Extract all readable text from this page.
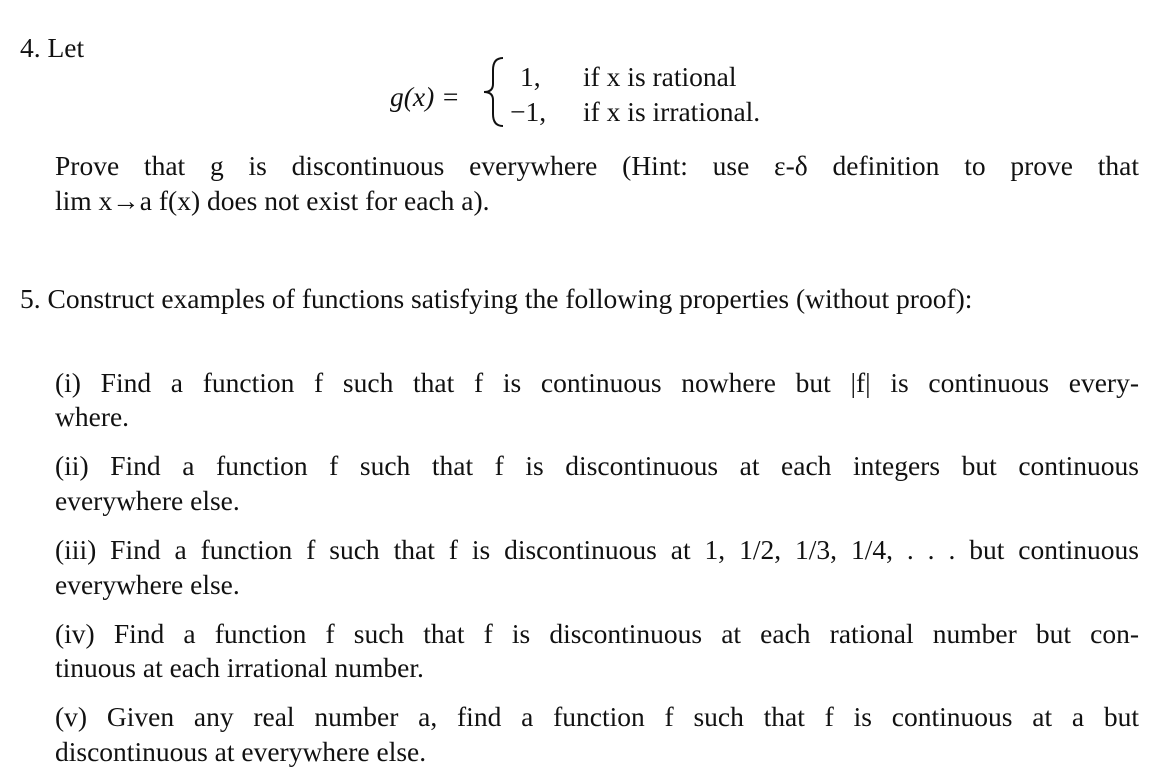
4. Let
g(x) =
1, if x is rational
−1, if x is irrational.
Prove that g is discontinuous everywhere (Hint: use ε-δ definition to prove that
lim x→a f(x) does not exist for each a).
5. Construct examples of functions satisfying the following properties (without proof):
(i) Find a function f such that f is continuous nowhere but |f| is continuous every-
where.
(ii) Find a function f such that f is discontinuous at each integers but continuous
everywhere else.
(iii) Find a function f such that f is discontinuous at 1, 1/2, 1/3, 1/4, . . . but continuous
everywhere else.
(iv) Find a function f such that f is discontinuous at each rational number but con-
tinuous at each irrational number.
(v) Given any real number a, find a function f such that f is continuous at a but
discontinuous at everywhere else.
